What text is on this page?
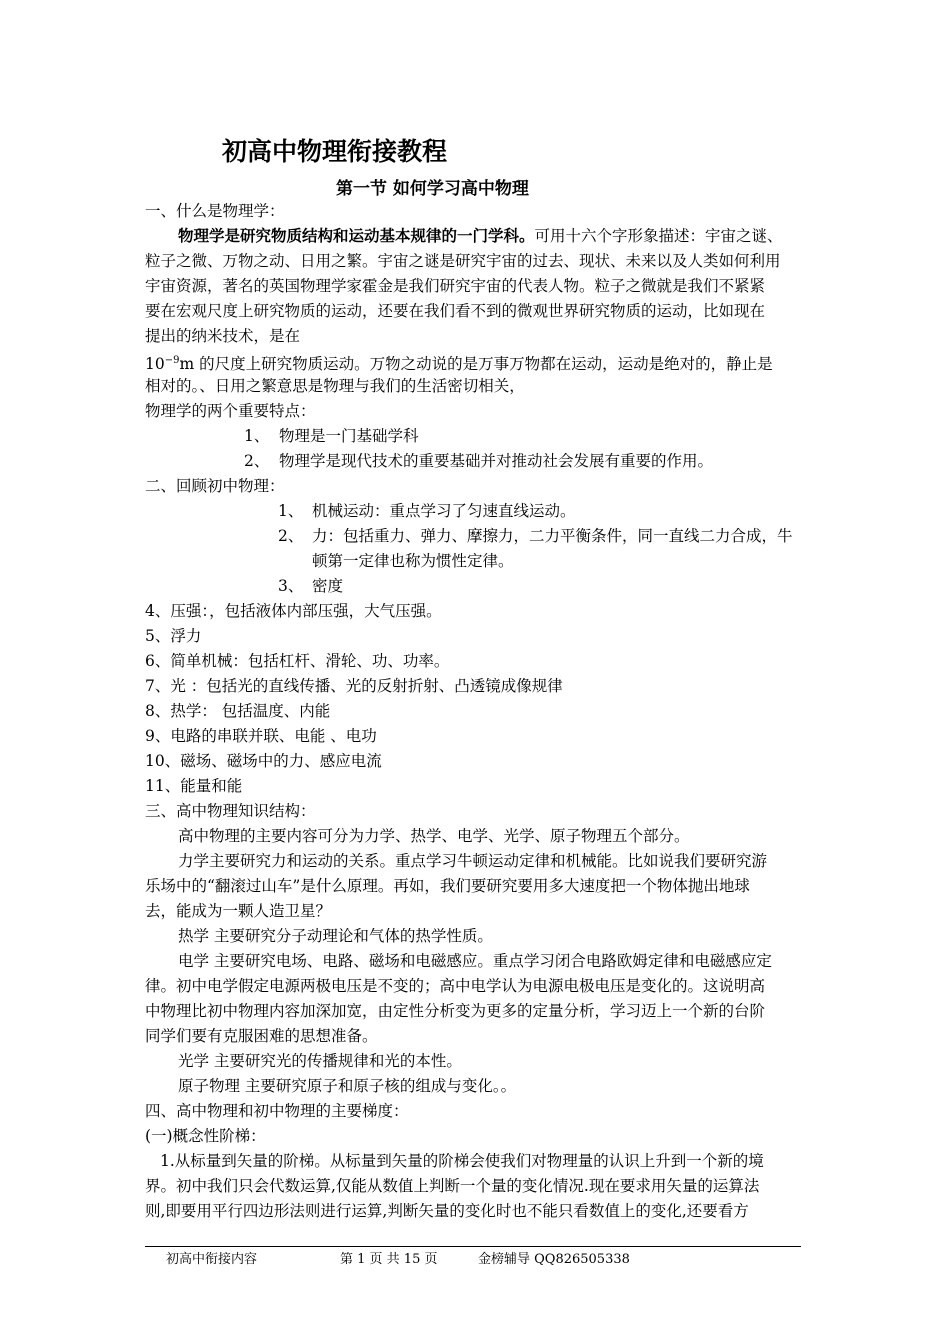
初高中物理衔接教程
第一节 如何学习高中物理
一、什么是物理学：
物理学是研究物质结构和运动基本规律的一门学科。可用十六个字形象描述：宇宙之谜、
粒子之微、万物之动、日用之繁。宇宙之谜是研究宇宙的过去、现状、未来以及人类如何利用
宇宙资源，著名的英国物理学家霍金是我们研究宇宙的代表人物。粒子之微就是我们不紧紧
要在宏观尺度上研究物质的运动，还要在我们看不到的微观世界研究物质的运动，比如现在
提出的纳米技术，是在
$10^{-9}m$ 的尺度上研究物质运动。万物之动说的是万事万物都在运动，运动是绝对的，静止是
相对的。、日用之繁意思是物理与我们的生活密切相关，
物理学的两个重要特点：
1、 物理是一门基础学科
2、 物理学是现代技术的重要基础并对推动社会发展有重要的作用。
二、回顾初中物理：
1、 机械运动：重点学习了匀速直线运动。
2、 力：包括重力、弹力、摩擦力，二力平衡条件，同一直线二力合成，牛
顿第一定律也称为惯性定律。
3、 密度
4、压强：，包括液体内部压强，大气压强。
5、浮力
6、简单机械：包括杠杆、滑轮、功、功率。
7、光 ：包括光的直线传播、光的反射折射、凸透镜成像规律
8、热学： 包括温度、内能
9、电路的串联并联、电能 、电功
10、磁场、磁场中的力、感应电流
11、能量和能
三、高中物理知识结构：
高中物理的主要内容可分为力学、热学、电学、光学、原子物理五个部分。
力学主要研究力和运动的关系。重点学习牛顿运动定律和机械能。比如说我们要研究游
乐场中的“翻滚过山车”是什么原理。再如，我们要研究要用多大速度把一个物体抛出地球
去，能成为一颗人造卫星？
热学 主要研究分子动理论和气体的热学性质。
电学 主要研究电场、电路、磁场和电磁感应。重点学习闭合电路欧姆定律和电磁感应定
律。初中电学假定电源两极电压是不变的；高中电学认为电源电极电压是变化的。这说明高
中物理比初中物理内容加深加宽，由定性分析变为更多的定量分析，学习迈上一个新的台阶
同学们要有克服困难的思想准备。
光学 主要研究光的传播规律和光的本性。
原子物理 主要研究原子和原子核的组成与变化。。
四、高中物理和初中物理的主要梯度：
(一)概念性阶梯：
1.从标量到矢量的阶梯。从标量到矢量的阶梯会使我们对物理量的认识上升到一个新的境
界。初中我们只会代数运算,仅能从数值上判断一个量的变化情况.现在要求用矢量的运算法
则,即要用平行四边形法则进行运算,判断矢量的变化时也不能只看数值上的变化,还要看方
初高中衔接内容	第 1 页 共 15 页	金榜辅导 QQ826505338
